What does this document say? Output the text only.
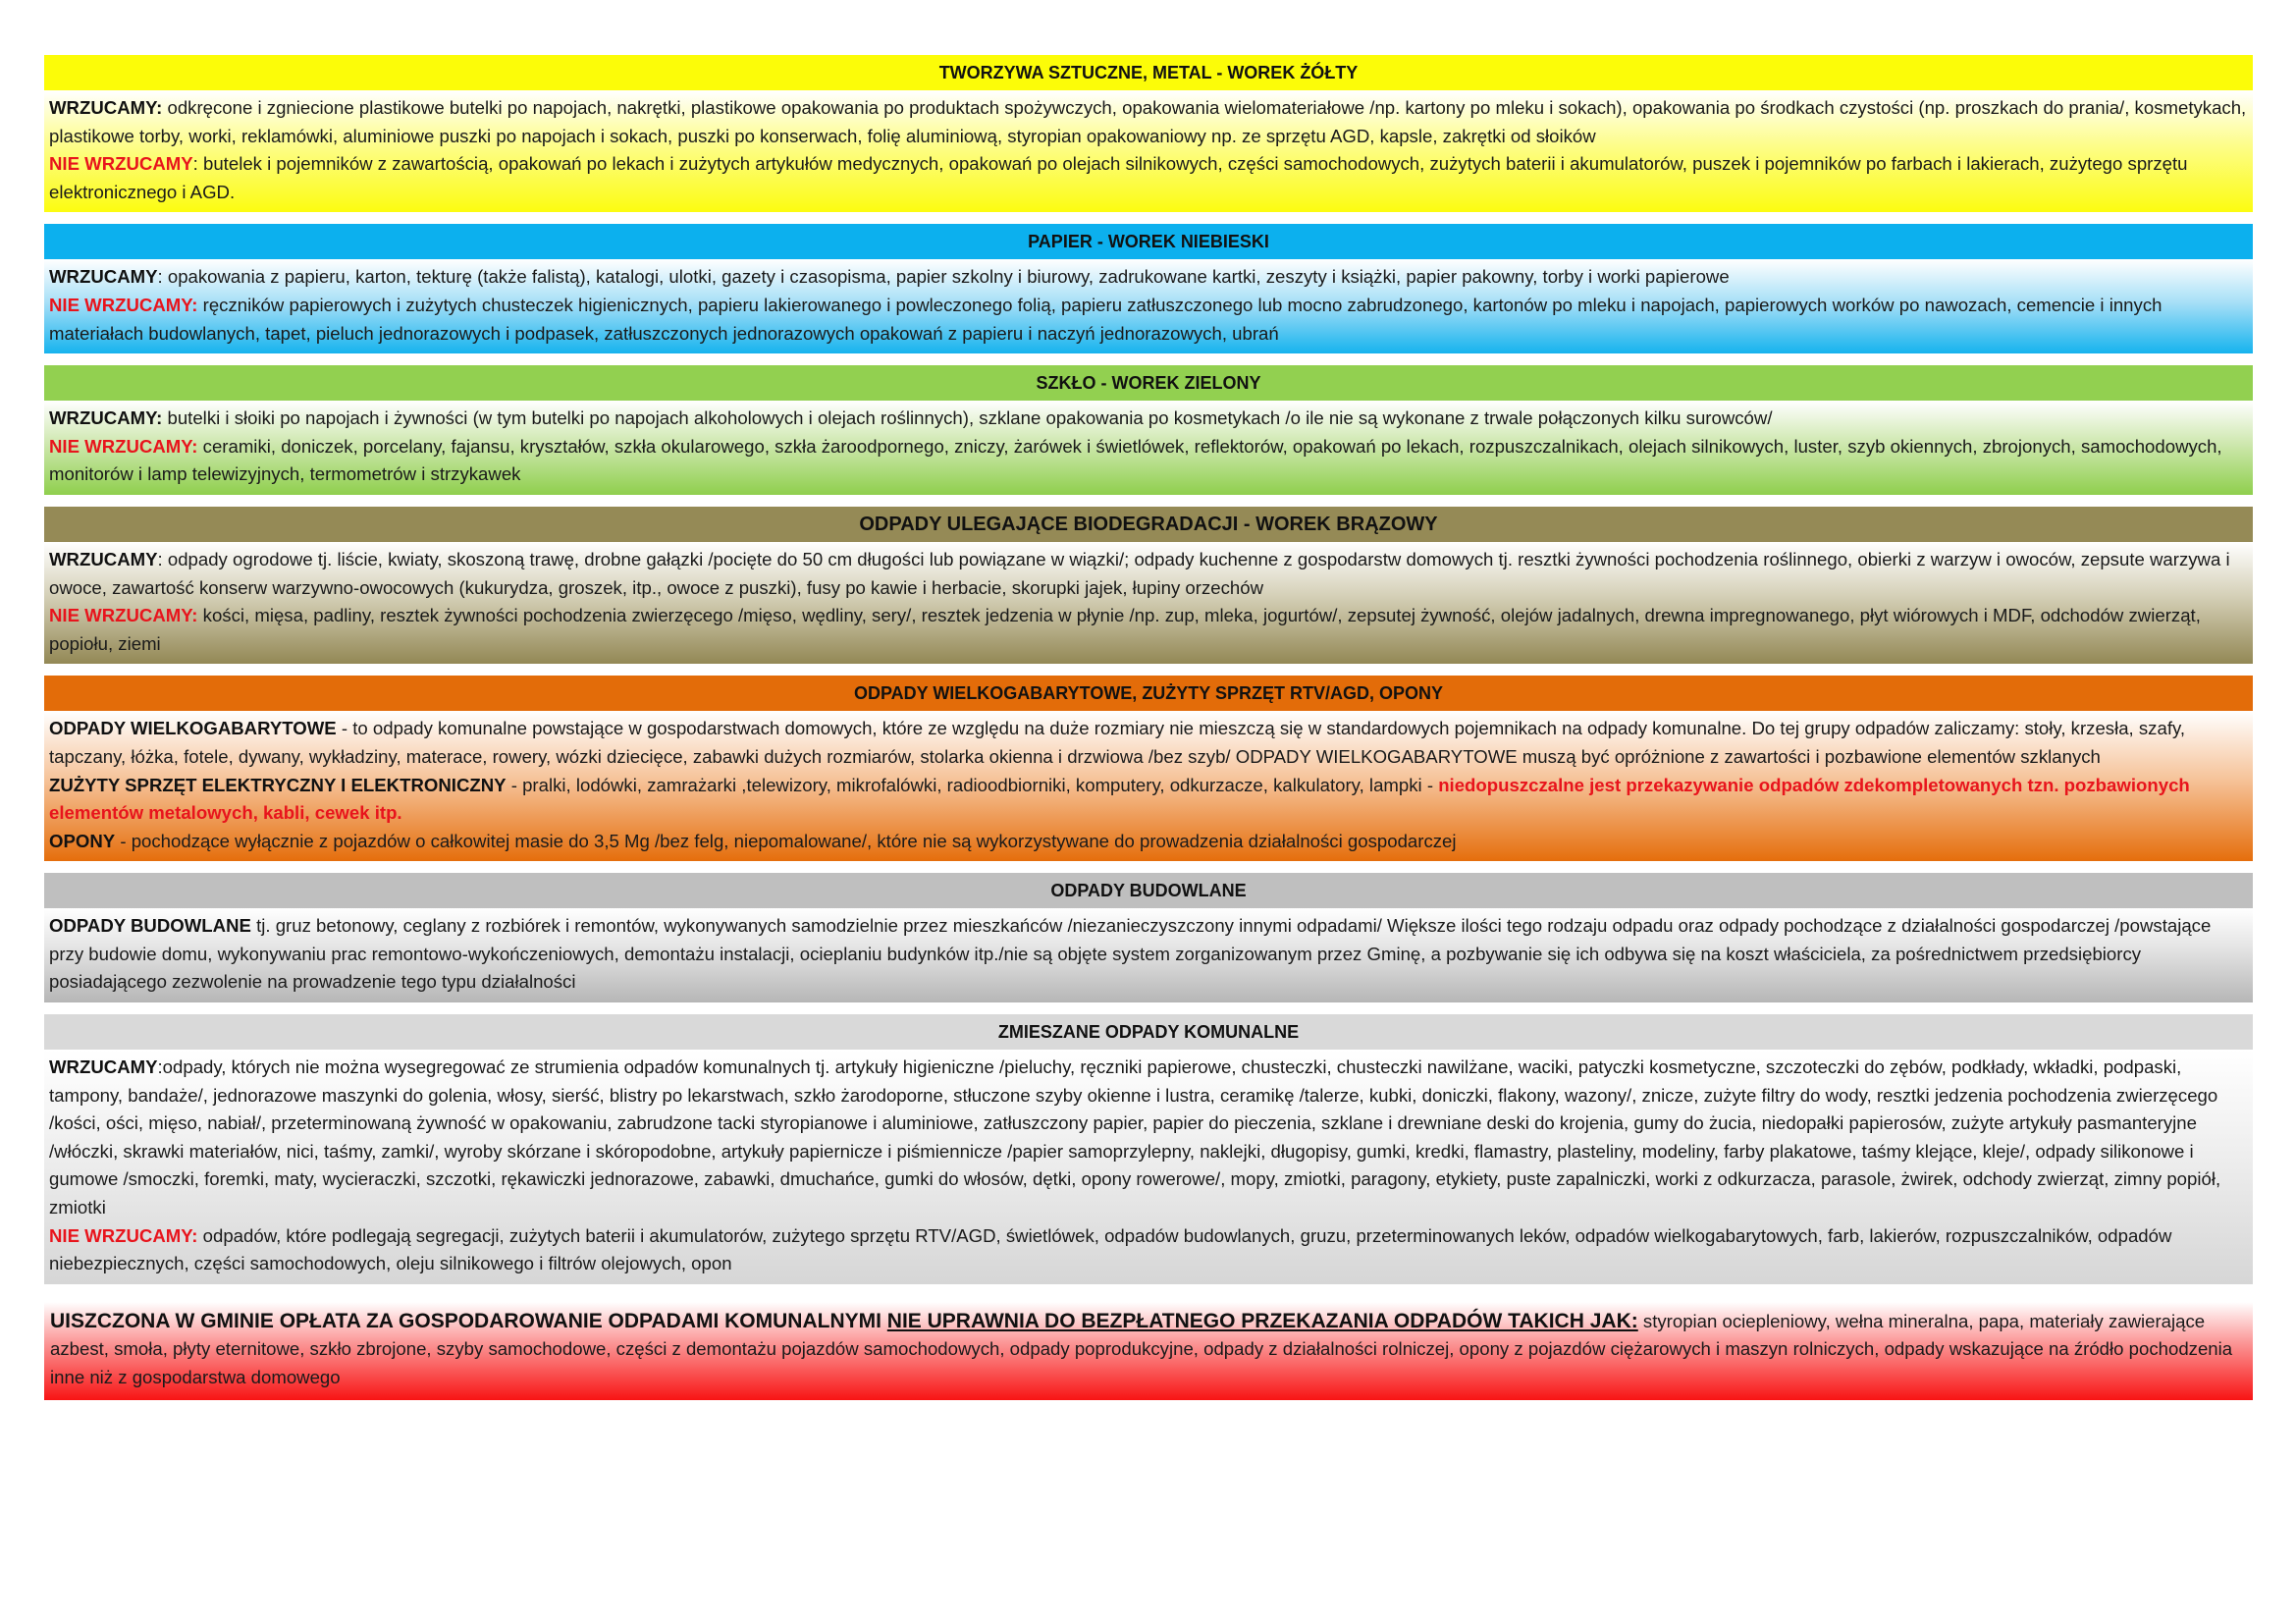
TWORZYWA SZTUCZNE, METAL - WOREK ŻÓŁTY

WRZUCAMY: odkręcone i zgniecione plastikowe butelki po napojach, nakrętki, plastikowe opakowania po produktach spożywczych, opakowania wielomateriałowe /np. kartony po mleku i sokach), opakowania po środkach czystości (np. proszkach do prania/, kosmetykach, plastikowe torby, worki, reklamówki, aluminiowe puszki po napojach i sokach, puszki po konserwach, folię aluminiową, styropian opakowaniowy np. ze sprzętu AGD, kapsle, zakrętki od słoików

NIE WRZUCAMY: butelek i pojemników z zawartością, opakowań po lekach i zużytych artykułów medycznych, opakowań po olejach silnikowych, części samochodowych, zużytych baterii i akumulatorów, puszek i pojemników po farbach i lakierach, zużytego sprzętu elektronicznego i AGD.

PAPIER - WOREK NIEBIESKI

WRZUCAMY: opakowania z papieru, karton, tekturę (także falistą), katalogi, ulotki, gazety i czasopisma, papier szkolny i biurowy, zadrukowane kartki, zeszyty i książki, papier pakowny, torby i worki papierowe

NIE WRZUCAMY: ręczników papierowych i zużytych chusteczek higienicznych, papieru lakierowanego i powleczonego folią, papieru zatłuszczonego lub mocno zabrudzonego, kartonów po mleku i napojach, papierowych worków po nawozach, cemencie i innych materiałach budowlanych, tapet, pieluch jednorazowych i podpasek, zatłuszczonych jednorazowych opakowań z papieru i naczyń jednorazowych, ubrań

SZKŁO - WOREK ZIELONY

WRZUCAMY: butelki i słoiki po napojach i żywności (w tym butelki po napojach alkoholowych i olejach roślinnych), szklane opakowania po kosmetykach /o ile nie są wykonane z trwale połączonych kilku surowców/

NIE WRZUCAMY: ceramiki, doniczek, porcelany, fajansu, kryształów, szkła okularowego, szkła żaroodpornego, zniczy, żarówek i świetlówek, reflektorów, opakowań po lekach, rozpuszczalnikach, olejach silnikowych, luster, szyb okiennych, zbrojonych, samochodowych, monitorów i lamp telewizyjnych, termometrów i strzykawek

ODPADY ULEGAJĄCE BIODEGRADACJI - WOREK BRĄZOWY

WRZUCAMY: odpady ogrodowe tj. liście, kwiaty, skoszoną trawę, drobne gałązki /pocięte do 50 cm długości lub powiązane w wiązki/; odpady kuchenne z gospodarstw domowych tj. resztki żywności pochodzenia roślinnego, obierki z warzyw i owoców, zepsute warzywa i owoce, zawartość konserw warzywno-owocowych (kukurydza, groszek, itp., owoce z puszki), fusy po kawie i herbacie, skorupki jajek, łupiny orzechów

NIE WRZUCAMY: kości, mięsa, padliny, resztek żywności pochodzenia zwierzęcego /mięso, wędliny, sery/, resztek jedzenia w płynie /np. zup, mleka, jogurtów/, zepsutej żywność, olejów jadalnych, drewna impregnowanego, płyt wiórowych i MDF, odchodów zwierząt, popiołu, ziemi

ODPADY WIELKOGABARYTOWE, ZUŻYTY SPRZĘT RTV/AGD, OPONY

ODPADY WIELKOGABARYTOWE - to odpady komunalne powstające w gospodarstwach domowych, które ze względu na duże rozmiary nie mieszczą się w standardowych pojemnikach na odpady komunalne. Do tej grupy odpadów zaliczamy: stoły, krzesła, szafy, tapczany, łóżka, fotele, dywany, wykładziny, materace, rowery, wózki dziecięce, zabawki dużych rozmiarów, stolarka okienna i drzwiowa /bez szyb/ ODPADY WIELKOGABARYTOWE muszą być opróżnione z zawartości i pozbawione elementów szklanych

ZUŻYTY SPRZĘT ELEKTRYCZNY I ELEKTRONICZNY - pralki, lodówki, zamrażarki ,telewizory, mikrofalówki, radioodbiorniki, komputery, odkurzacze, kalkulatory, lampki - niedopuszczalne jest przekazywanie odpadów zdekompletowanych tzn. pozbawionych elementów metalowych, kabli, cewek itp.

OPONY - pochodzące wyłącznie z pojazdów o całkowitej masie do 3,5 Mg /bez felg, niepomalowane/, które nie są wykorzystywane do prowadzenia działalności gospodarczej

ODPADY BUDOWLANE

ODPADY BUDOWLANE tj. gruz betonowy, ceglany z rozbiórek i remontów, wykonywanych samodzielnie przez mieszkańców /niezanieczyszczony innymi odpadami/ Większe ilości tego rodzaju odpadu oraz odpady pochodzące z działalności gospodarczej /powstające przy budowie domu, wykonywaniu prac remontowo-wykończeniowych, demontażu instalacji, ocieplaniu budynków itp./nie są objęte system zorganizowanym przez Gminę, a pozbywanie się ich odbywa się na koszt właściciela, za pośrednictwem przedsiębiorcy posiadającego zezwolenie na prowadzenie tego typu działalności

ZMIESZANE ODPADY KOMUNALNE

WRZUCAMY:odpady, których nie można wysegregować ze strumienia odpadów komunalnych tj. artykuły higieniczne /pieluchy, ręczniki papierowe, chusteczki, chusteczki nawilżane, waciki, patyczki kosmetyczne, szczoteczki do zębów, podkłady, wkładki, podpaski, tampony, bandaże/, jednorazowe maszynki do golenia, włosy, sierść, blistry po lekarstwach, szkło żarodoporne, stłuczone szyby okienne i lustra, ceramikę /talerze, kubki, doniczki, flakony, wazony/, znicze, zużyte filtry do wody, resztki jedzenia pochodzenia zwierzęcego /kości, ości, mięso, nabiał/, przeterminowaną żywność w opakowaniu, zabrudzone tacki styropianowe i aluminiowe, zatłuszczony papier, papier do pieczenia, szklane i drewniane deski do krojenia, gumy do żucia, niedopałki papierosów, zużyte artykuły pasmanteryjne /włóczki, skrawki materiałów, nici, taśmy, zamki/, wyroby skórzane i skóropodobne, artykuły papiernicze i piśmiennicze /papier samoprzylepny, naklejki, długopisy, gumki, kredki, flamastry, plasteliny, modeliny, farby plakatowe, taśmy klejące, kleje/, odpady silikonowe i gumowe /smoczki, foremki, maty, wycieraczki, szczotki, rękawiczki jednorazowe, zabawki, dmuchańce, gumki do włosów, dętki, opony rowerowe/, mopy, zmiotki, paragony, etykiety, puste zapalniczki, worki z odkurzacza, parasole, żwirek, odchody zwierząt, zimny popiół, zmiotki

NIE WRZUCAMY: odpadów, które podlegają segregacji, zużytych baterii i akumulatorów, zużytego sprzętu RTV/AGD, świetlówek, odpadów budowlanych, gruzu, przeterminowanych leków, odpadów wielkogabarytowych, farb, lakierów, rozpuszczalników, odpadów niebezpiecznych, części samochodowych, oleju silnikowego i filtrów olejowych, opon

UISZCZONA W GMINIE OPŁATA ZA GOSPODAROWANIE ODPADAMI KOMUNALNYMI NIE UPRAWNIA DO BEZPŁATNEGO PRZEKAZANIA ODPADÓW TAKICH JAK: styropian ociepleniowy, wełna mineralna, papa, materiały zawierające azbest, smoła, płyty eternitowe, szkło zbrojone, szyby samochodowe, części z demontażu pojazdów samochodowych, odpady poprodukcyjne, odpady z działalności rolniczej, opony z pojazdów ciężarowych i maszyn rolniczych, odpady wskazujące na źródło pochodzenia inne niż z gospodarstwa domowego
